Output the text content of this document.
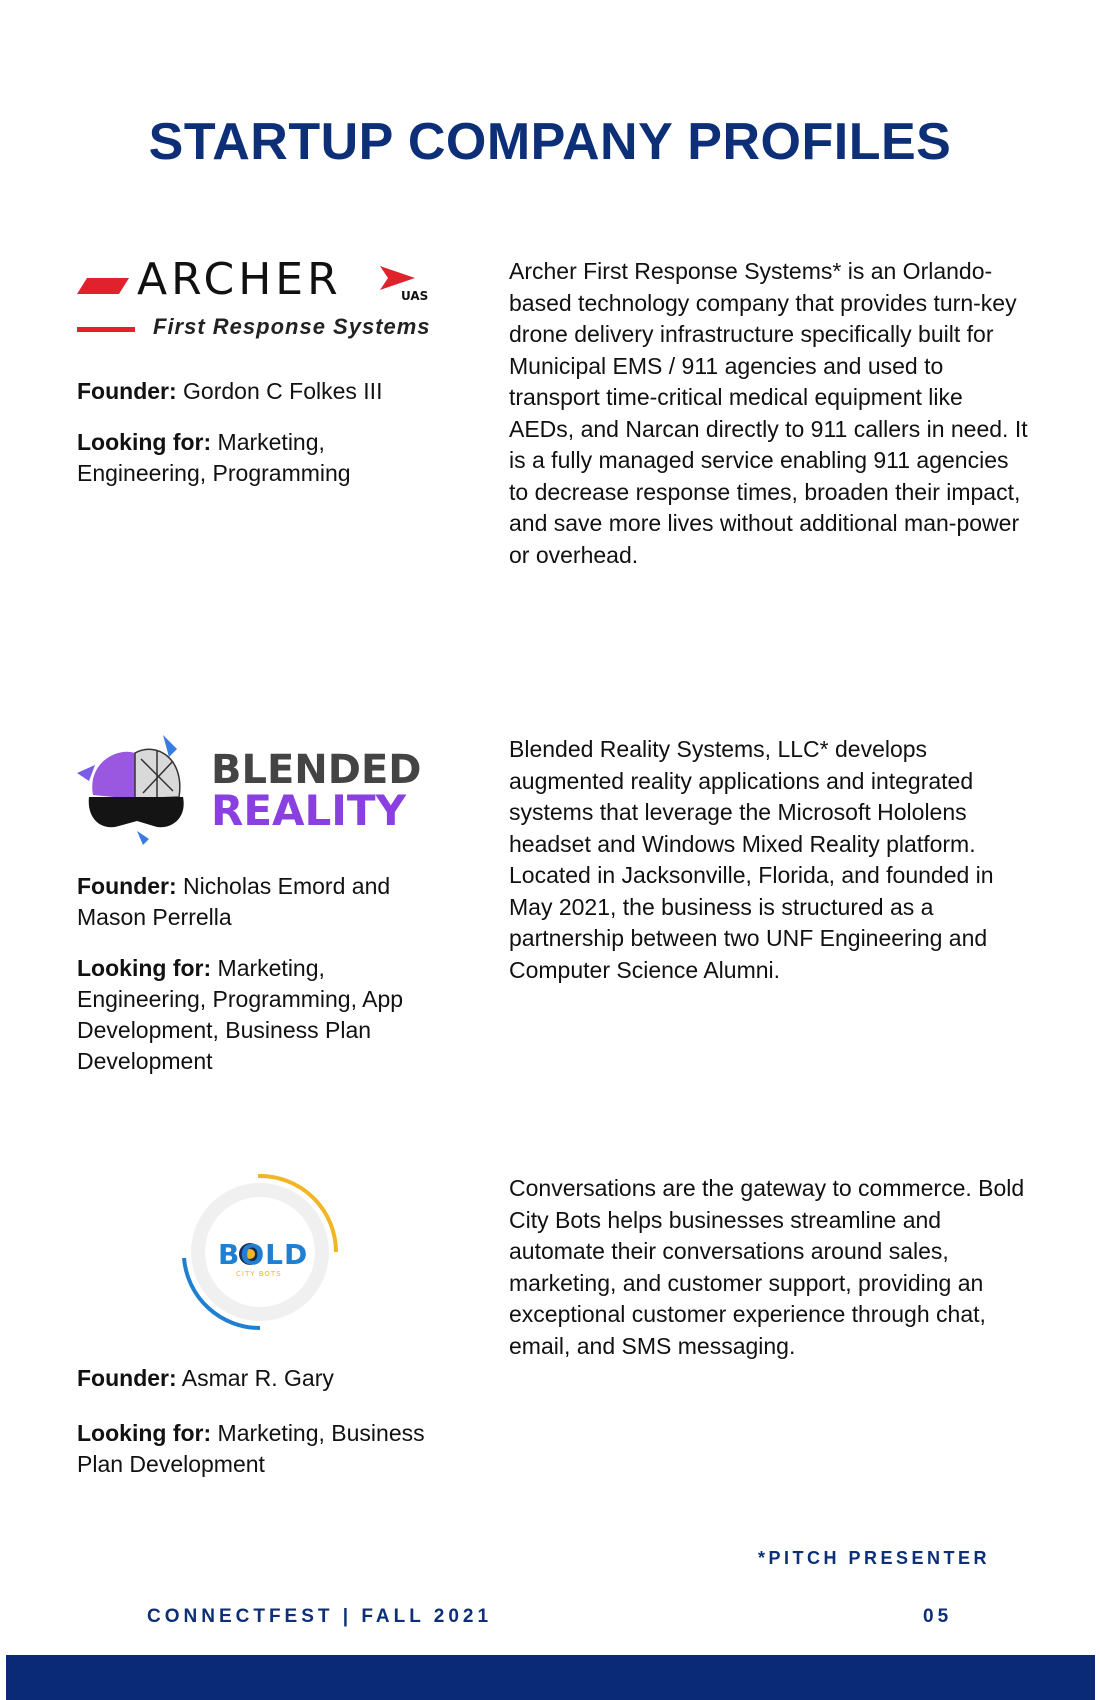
STARTUP COMPANY PROFILES
ARCHER	UAS
First Response Systems

Founder: Gordon C Folkes III

Looking for: Marketing, Engineering, Programming

Archer First Response Systems* is an Orlando-based technology company that provides turn-key drone delivery infrastructure specifically built for Municipal EMS / 911 agencies and used to transport time-critical medical equipment like AEDs, and Narcan directly to 911 callers in need. It is a fully managed service enabling 911 agencies to decrease response times, broaden their impact, and save more lives without additional man-power or overhead.

BLENDED
REALITY

Founder: Nicholas Emord and Mason Perrella

Looking for: Marketing, Engineering, Programming, App Development, Business Plan Development

Blended Reality Systems, LLC* develops augmented reality applications and integrated systems that leverage the Microsoft Hololens headset and Windows Mixed Reality platform. Located in Jacksonville, Florida, and founded in May 2021, the business is structured as a partnership between two UNF Engineering and Computer Science Alumni.

BOLD
CITY BOTS

Founder: Asmar R. Gary

Looking for: Marketing, Business Plan Development

Conversations are the gateway to commerce. Bold City Bots helps businesses streamline and automate their conversations around sales, marketing, and customer support, providing an exceptional customer experience through chat, email, and SMS messaging.

*PITCH PRESENTER
CONNECTFEST | FALL 2021	05
